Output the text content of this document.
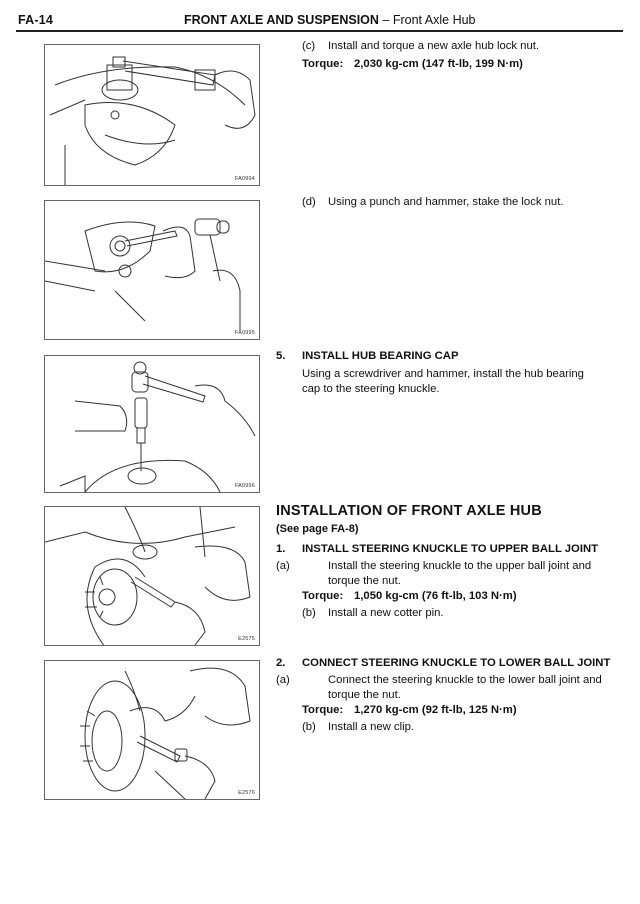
FA-14	FRONT AXLE AND SUSPENSION – Front Axle Hub
FA0994
FA0995
FA0996
E2575
E2576
(c) Install and torque a new axle hub lock nut.
Torque: 2,030 kg-cm (147 ft-lb, 199 N·m)
(d) Using a punch and hammer, stake the lock nut.
5. INSTALL HUB BEARING CAP
Using a screwdriver and hammer, install the hub bearing cap to the steering knuckle.
INSTALLATION OF FRONT AXLE HUB
(See page FA-8)
1. INSTALL STEERING KNUCKLE TO UPPER BALL JOINT
(a)	Install the steering knuckle to the upper ball joint and torque the nut.
Torque: 1,050 kg-cm (76 ft-lb, 103 N·m)
(b) Install a new cotter pin.
2. CONNECT STEERING KNUCKLE TO LOWER BALL JOINT
(a)	Connect the steering knuckle to the lower ball joint and torque the nut.
Torque: 1,270 kg-cm (92 ft-lb, 125 N·m)
(b) Install a new clip.
